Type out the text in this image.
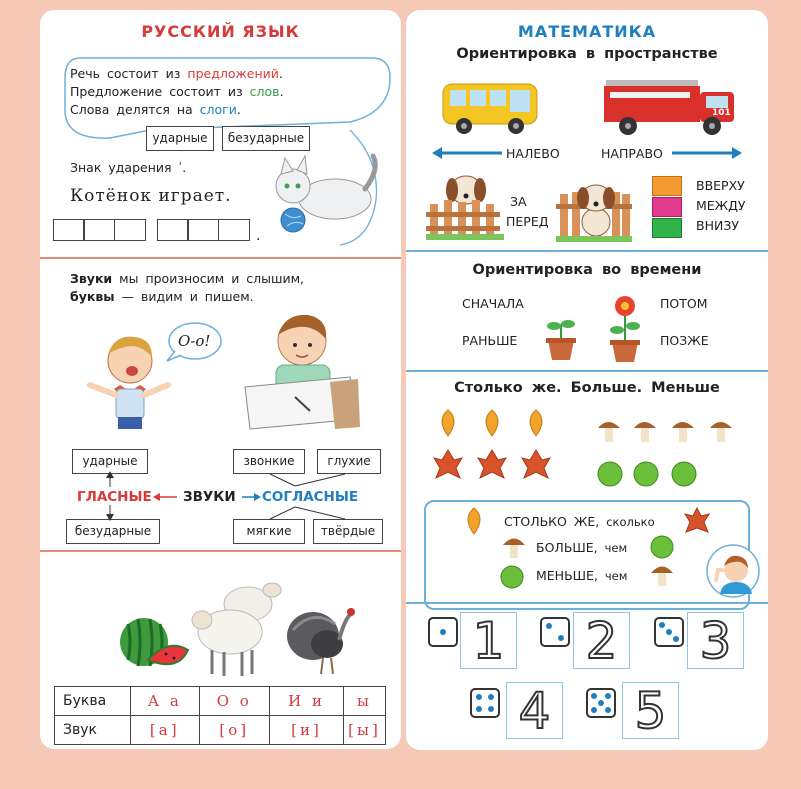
РУССКИЙ ЯЗЫК
Речь состоит из предложений.
Предложение состоит из слов.
Слова делятся на слоги.
ударные	безударные
Знак ударения ʹ.
Котёнок играет.
.
Звуки мы произносим и слышим,
буквы — видим и пишем.
О-о!
ударные
безударные
звонкие	глухие
мягкие	твёрдые
ГЛАСНЫЕ ЗВУКИ СОГЛАСНЫЕ
Буква	А а	О о	И и	ы
Звук	[а]	[о]	[и]	[ы]
МАТЕМАТИКА
Ориентировка в пространстве
101
НАЛЕВО	НАПРАВО
ЗА
ПЕРЕД
ВВЕРХУ
МЕЖДУ
ВНИЗУ
Ориентировка во времени
СНАЧАЛА
РАНЬШЕ
ПОТОМ
ПОЗЖЕ
Столько же. Больше. Меньше
СТОЛЬКО ЖЕ, сколько
БОЛЬШЕ, чем
МЕНЬШЕ, чем
1 2 3
4 5
